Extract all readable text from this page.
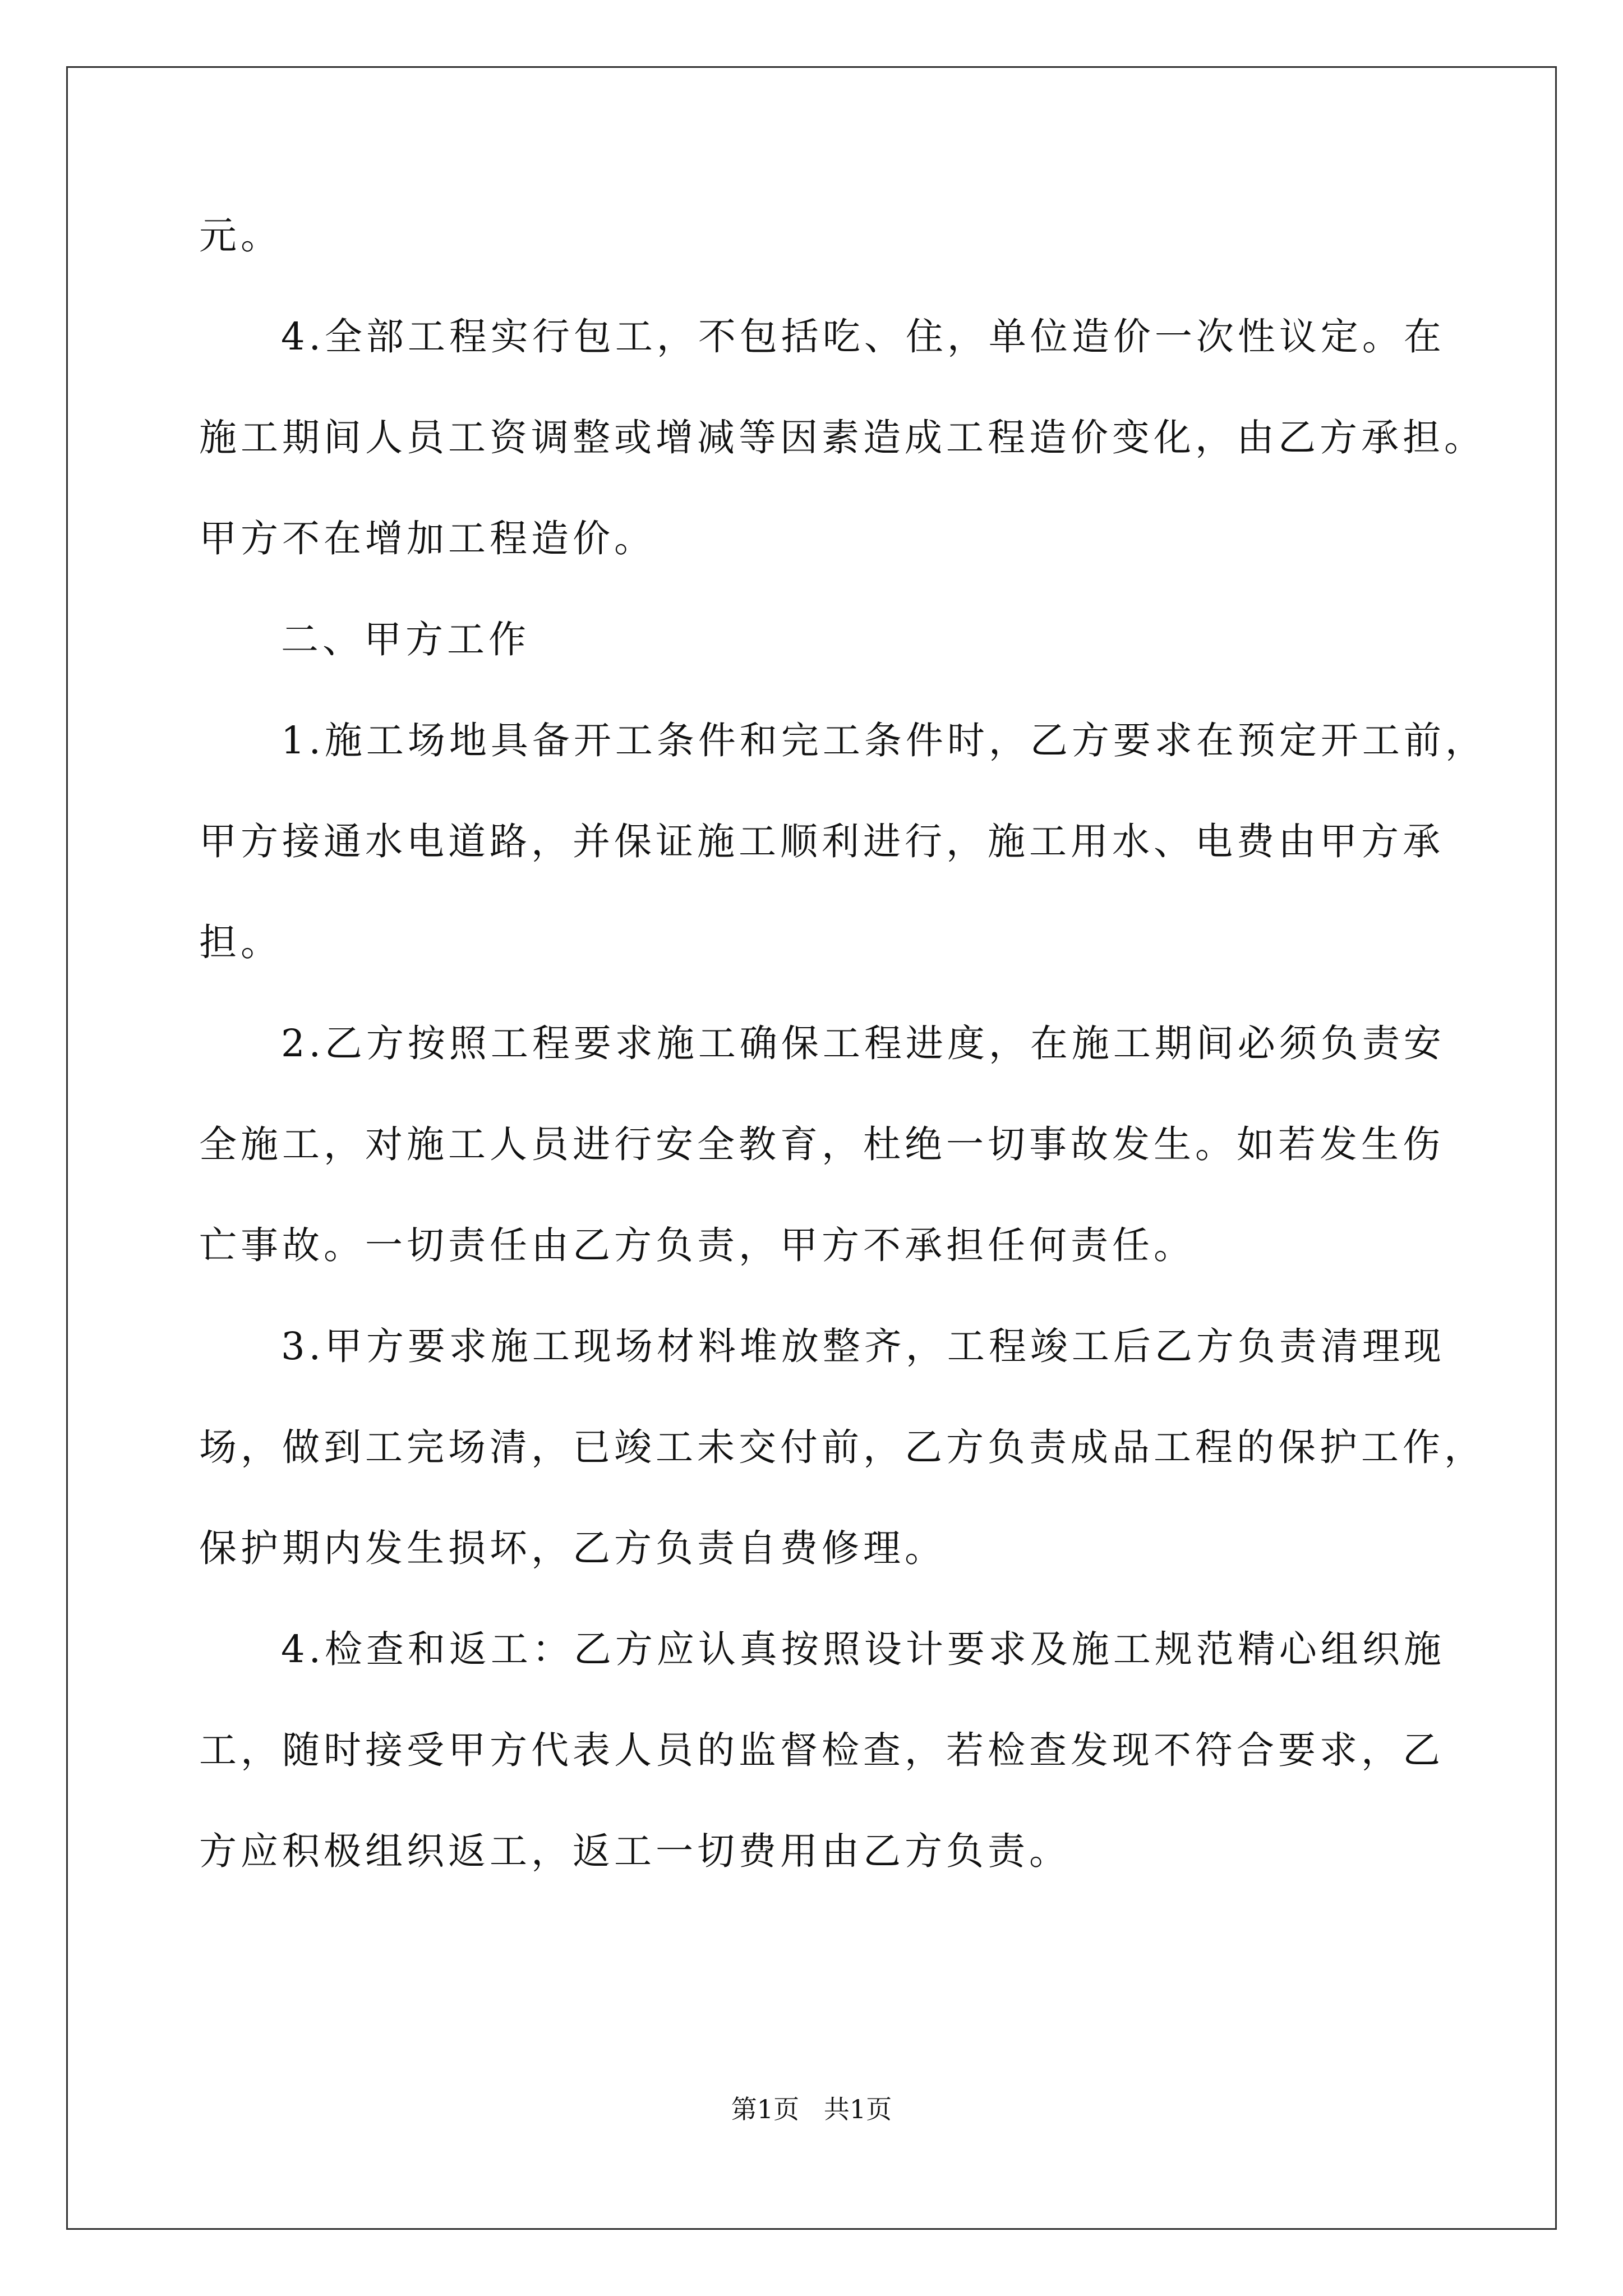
元。
4.全部工程实行包工，不包括吃、住，单位造价一次性议定。在
施工期间人员工资调整或增减等因素造成工程造价变化，由乙方承担。
甲方不在增加工程造价。
二、甲方工作
1.施工场地具备开工条件和完工条件时，乙方要求在预定开工前，
甲方接通水电道路，并保证施工顺利进行，施工用水、电费由甲方承
担。
2.乙方按照工程要求施工确保工程进度，在施工期间必须负责安
全施工，对施工人员进行安全教育，杜绝一切事故发生。如若发生伤
亡事故。一切责任由乙方负责，甲方不承担任何责任。
3.甲方要求施工现场材料堆放整齐，工程竣工后乙方负责清理现
场，做到工完场清，已竣工未交付前，乙方负责成品工程的保护工作，
保护期内发生损坏，乙方负责自费修理。
4.检查和返工：乙方应认真按照设计要求及施工规范精心组织施
工，随时接受甲方代表人员的监督检查，若检查发现不符合要求，乙
方应积极组织返工，返工一切费用由乙方负责。
第1页   共1页
